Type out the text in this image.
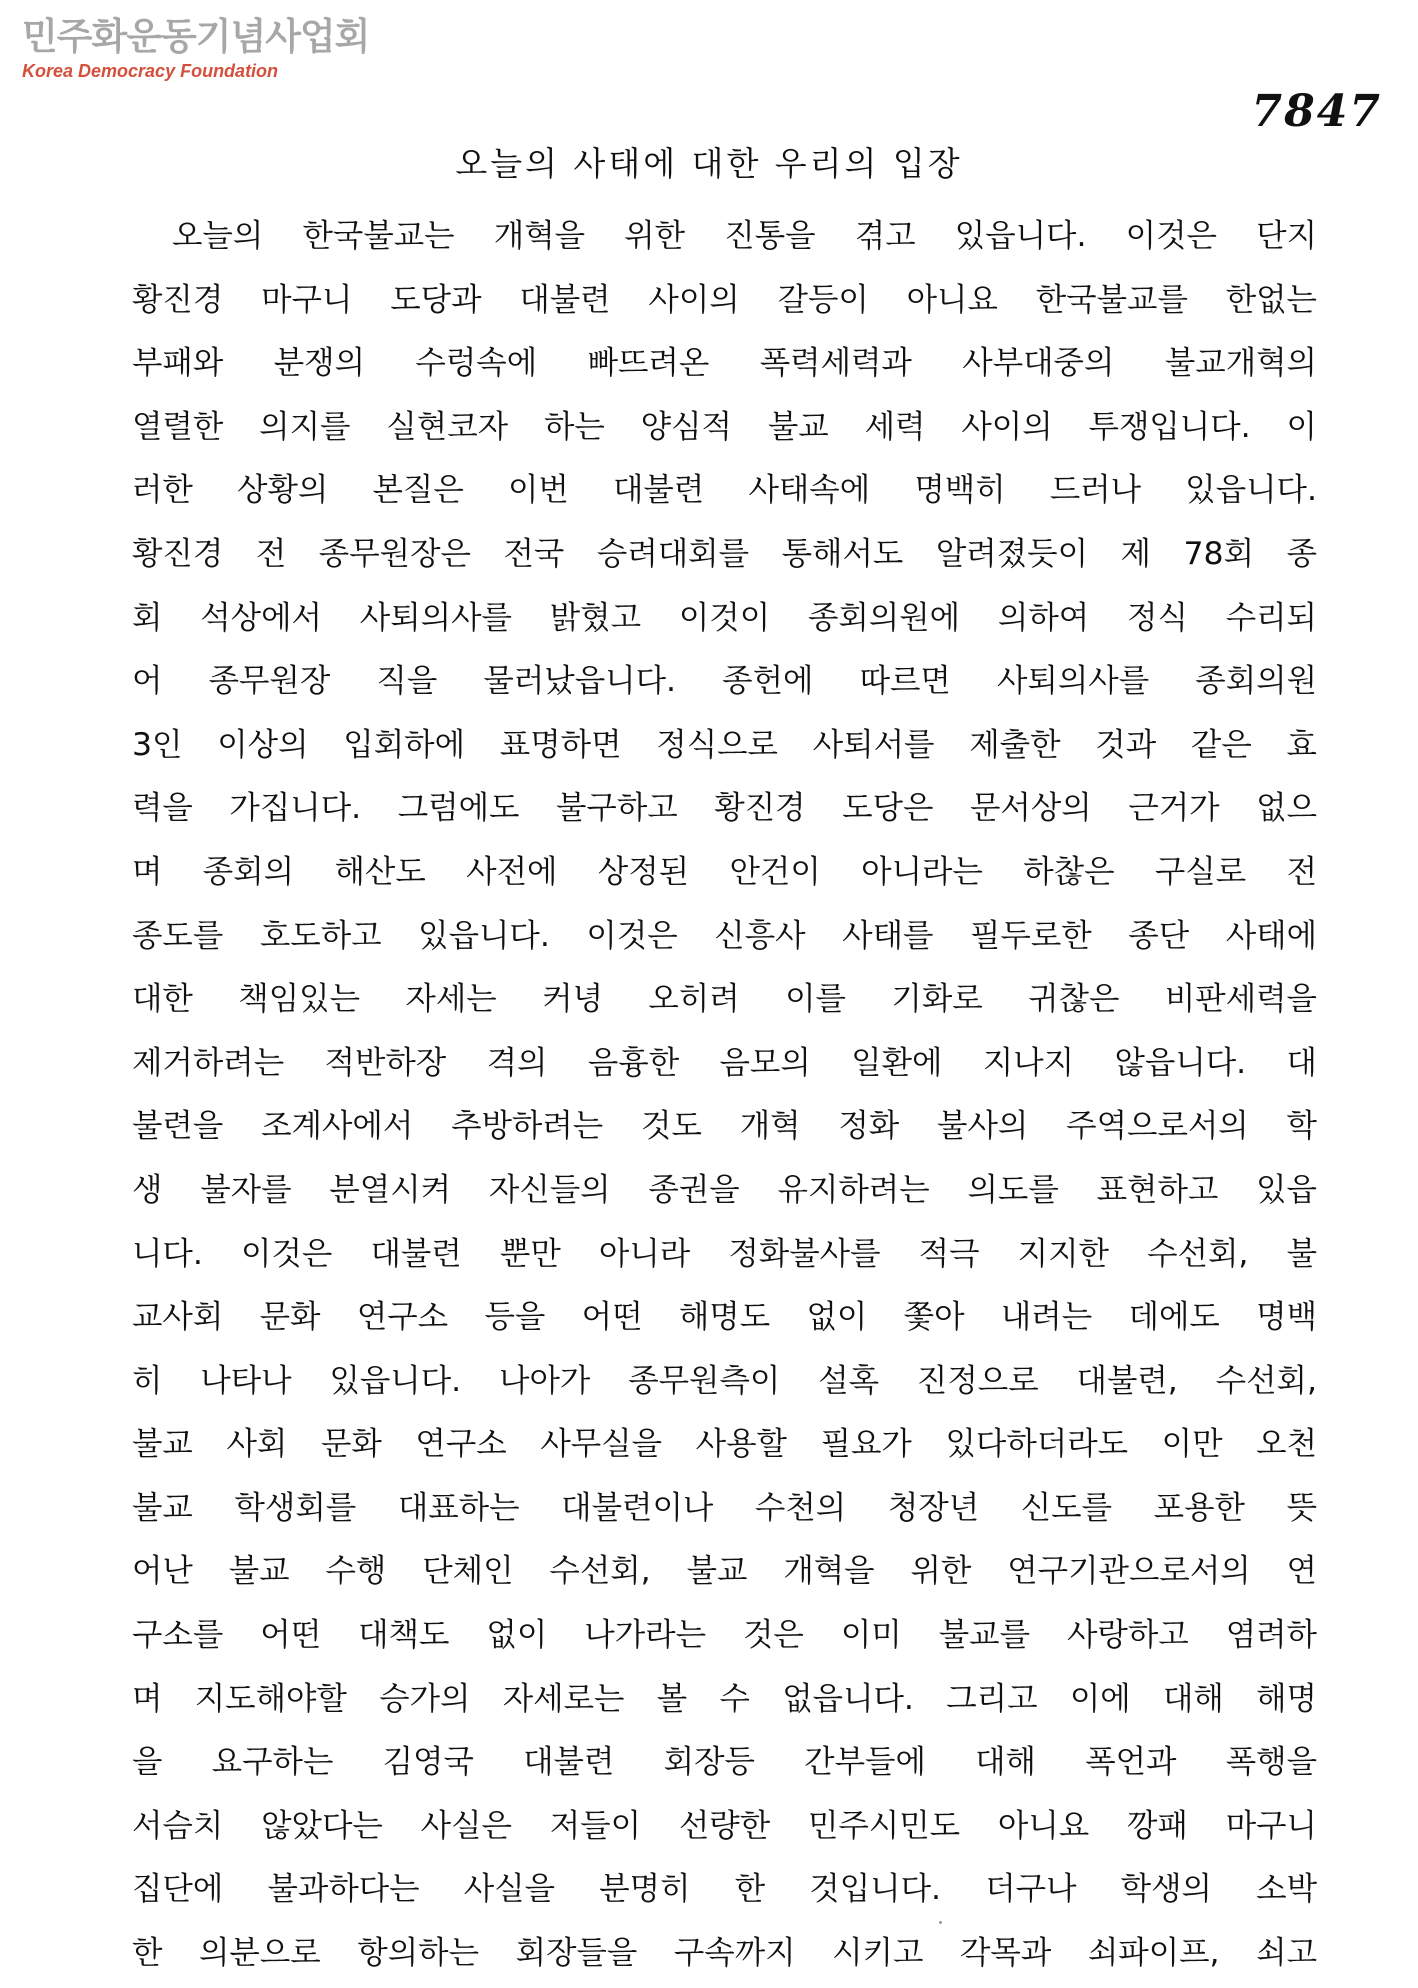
민주화운동기념사업회
Korea Democracy Foundation
7847
오늘의 사태에 대한 우리의 입장
오늘의 한국불교는 개혁을 위한 진통을 겪고 있읍니다. 이것은 단지
황진경 마구니 도당과 대불련 사이의 갈등이 아니요 한국불교를 한없는
부패와 분쟁의 수렁속에 빠뜨려온 폭력세력과 사부대중의 불교개혁의
열렬한 의지를 실현코자 하는 양심적 불교 세력 사이의 투쟁입니다. 이
러한 상황의 본질은 이번 대불련 사태속에 명백히 드러나 있읍니다.
황진경 전 종무원장은 전국 승려대회를 통해서도 알려졌듯이 제 78회 종
회 석상에서 사퇴의사를 밝혔고 이것이 종회의원에 의하여 정식 수리되
어 종무원장 직을 물러났읍니다. 종헌에 따르면 사퇴의사를 종회의원
3인 이상의 입회하에 표명하면 정식으로 사퇴서를 제출한 것과 같은 효
력을 가집니다. 그럼에도 불구하고 황진경 도당은 문서상의 근거가 없으
며 종회의 해산도 사전에 상정된 안건이 아니라는 하찮은 구실로 전
종도를 호도하고 있읍니다. 이것은 신흥사 사태를 필두로한 종단 사태에
대한 책임있는 자세는 커녕 오히려 이를 기화로 귀찮은 비판세력을
제거하려는 적반하장 격의 음흉한 음모의 일환에 지나지 않읍니다. 대
불련을 조계사에서 추방하려는 것도 개혁 정화 불사의 주역으로서의 학
생 불자를 분열시켜 자신들의 종권을 유지하려는 의도를 표현하고 있읍
니다. 이것은 대불련 뿐만 아니라 정화불사를 적극 지지한 수선회, 불
교사회 문화 연구소 등을 어떤 해명도 없이 쫓아 내려는 데에도 명백
히 나타나 있읍니다. 나아가 종무원측이 설혹 진정으로 대불련, 수선회,
불교 사회 문화 연구소 사무실을 사용할 필요가 있다하더라도 이만 오천
불교 학생회를 대표하는 대불련이나 수천의 청장년 신도를 포용한 뜻
어난 불교 수행 단체인 수선회, 불교 개혁을 위한 연구기관으로서의 연
구소를 어떤 대책도 없이 나가라는 것은 이미 불교를 사랑하고 염려하
며 지도해야할 승가의 자세로는 볼 수 없읍니다. 그리고 이에 대해 해명
을 요구하는 김영국 대불련 회장등 간부들에 대해 폭언과 폭행을
서슴치 않았다는 사실은 저들이 선량한 민주시민도 아니요 깡패 마구니
집단에 불과하다는 사실을 분명히 한 것입니다. 더구나 학생의 소박
한 의분으로 항의하는 회장들을 구속까지 시키고 각목과 쇠파이프, 쇠고
